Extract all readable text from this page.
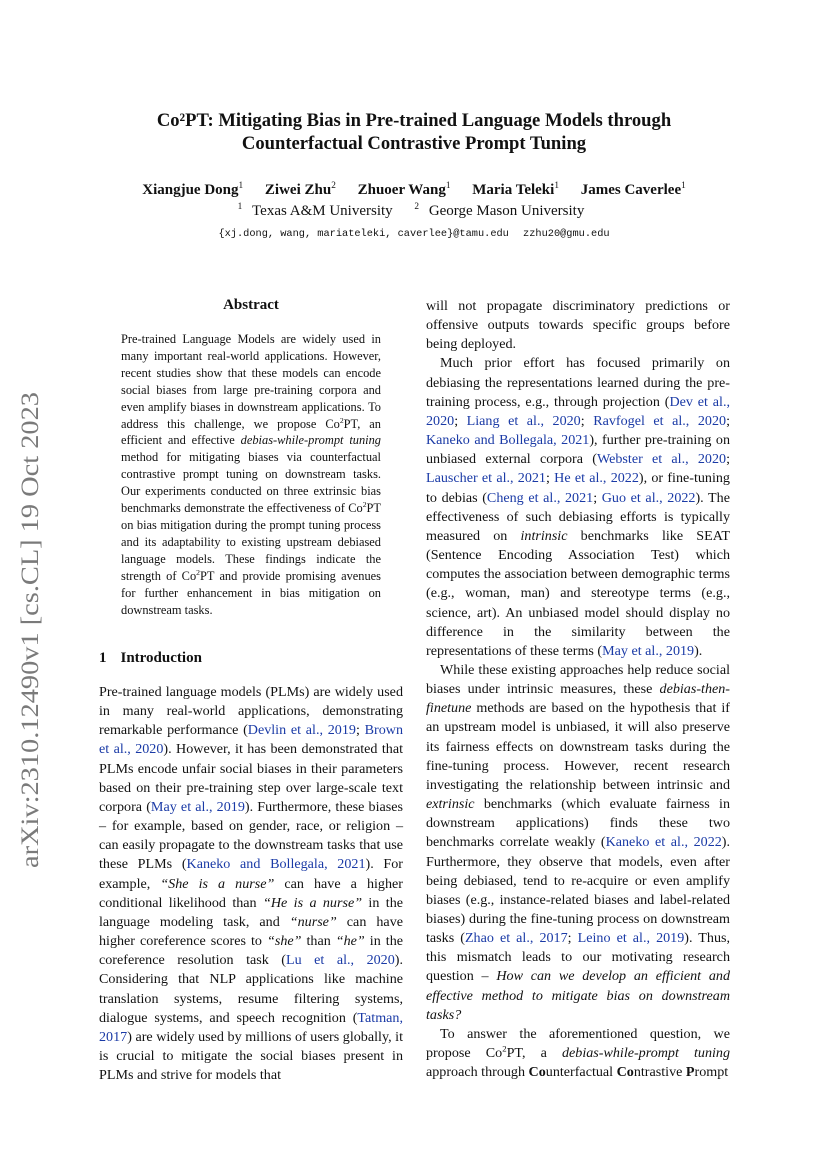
Co²PT: Mitigating Bias in Pre-trained Language Models through
Counterfactual Contrastive Prompt Tuning
Xiangjue Dong$^1$ Ziwei Zhu$^2$ Zhuoer Wang$^1$ Maria Teleki$^1$ James Caverlee$^1$
$^1$ Texas A&M University $^2$ George Mason University
{xj.dong, wang, mariateleki, caverlee}@tamu.edu zzhu20@gmu.edu
arXiv:2310.12490v1 [cs.CL] 19 Oct 2023
Abstract
Pre-trained Language Models are widely used in many important real-world applications. However, recent studies show that these models can encode social biases from large pre-training corpora and even amplify biases in downstream applications. To address this challenge, we propose Co$^2$PT, an efficient and effective debias-while-prompt tuning method for mitigating biases via counterfactual contrastive prompt tuning on downstream tasks. Our experiments conducted on three extrinsic bias benchmarks demonstrate the effectiveness of Co$^2$PT on bias mitigation during the prompt tuning process and its adaptability to existing upstream debiased language models. These findings indicate the strength of Co$^2$PT and provide promising avenues for further enhancement in bias mitigation on downstream tasks.
1 Introduction

Pre-trained language models (PLMs) are widely used in many real-world applications, demonstrating remarkable performance (Devlin et al., 2019; Brown et al., 2020). However, it has been demonstrated that PLMs encode unfair social biases in their parameters based on their pre-training step over large-scale text corpora (May et al., 2019). Furthermore, these biases – for example, based on gender, race, or religion – can easily propagate to the downstream tasks that use these PLMs (Kaneko and Bollegala, 2021). For example, “She is a nurse” can have a higher conditional likelihood than “He is a nurse” in the language modeling task, and “nurse” can have higher coreference scores to “she” than “he” in the coreference resolution task (Lu et al., 2020). Considering that NLP applications like machine translation systems, resume filtering systems, dialogue systems, and speech recognition (Tatman, 2017) are widely used by millions of users globally, it is crucial to mitigate the social biases present in PLMs and strive for models that

will not propagate discriminatory predictions or offensive outputs towards specific groups before being deployed.

Much prior effort has focused primarily on debiasing the representations learned during the pre-training process, e.g., through projection (Dev et al., 2020; Liang et al., 2020; Ravfogel et al., 2020; Kaneko and Bollegala, 2021), further pre-training on unbiased external corpora (Webster et al., 2020; Lauscher et al., 2021; He et al., 2022), or fine-tuning to debias (Cheng et al., 2021; Guo et al., 2022). The effectiveness of such debiasing efforts is typically measured on intrinsic benchmarks like SEAT (Sentence Encoding Association Test) which computes the association between demographic terms (e.g., woman, man) and stereotype terms (e.g., science, art). An unbiased model should display no difference in the similarity between the representations of these terms (May et al., 2019).

While these existing approaches help reduce social biases under intrinsic measures, these debias-then-finetune methods are based on the hypothesis that if an upstream model is unbiased, it will also preserve its fairness effects on downstream tasks during the fine-tuning process. However, recent research investigating the relationship between intrinsic and extrinsic benchmarks (which evaluate fairness in downstream applications) finds these two benchmarks correlate weakly (Kaneko et al., 2022). Furthermore, they observe that models, even after being debiased, tend to re-acquire or even amplify biases (e.g., instance-related biases and label-related biases) during the fine-tuning process on downstream tasks (Zhao et al., 2017; Leino et al., 2019). Thus, this mismatch leads to our motivating research question – How can we develop an efficient and effective method to mitigate bias on downstream tasks?

To answer the aforementioned question, we propose Co$^2$PT, a debias-while-prompt tuning approach through Counterfactual Contrastive Prompt
